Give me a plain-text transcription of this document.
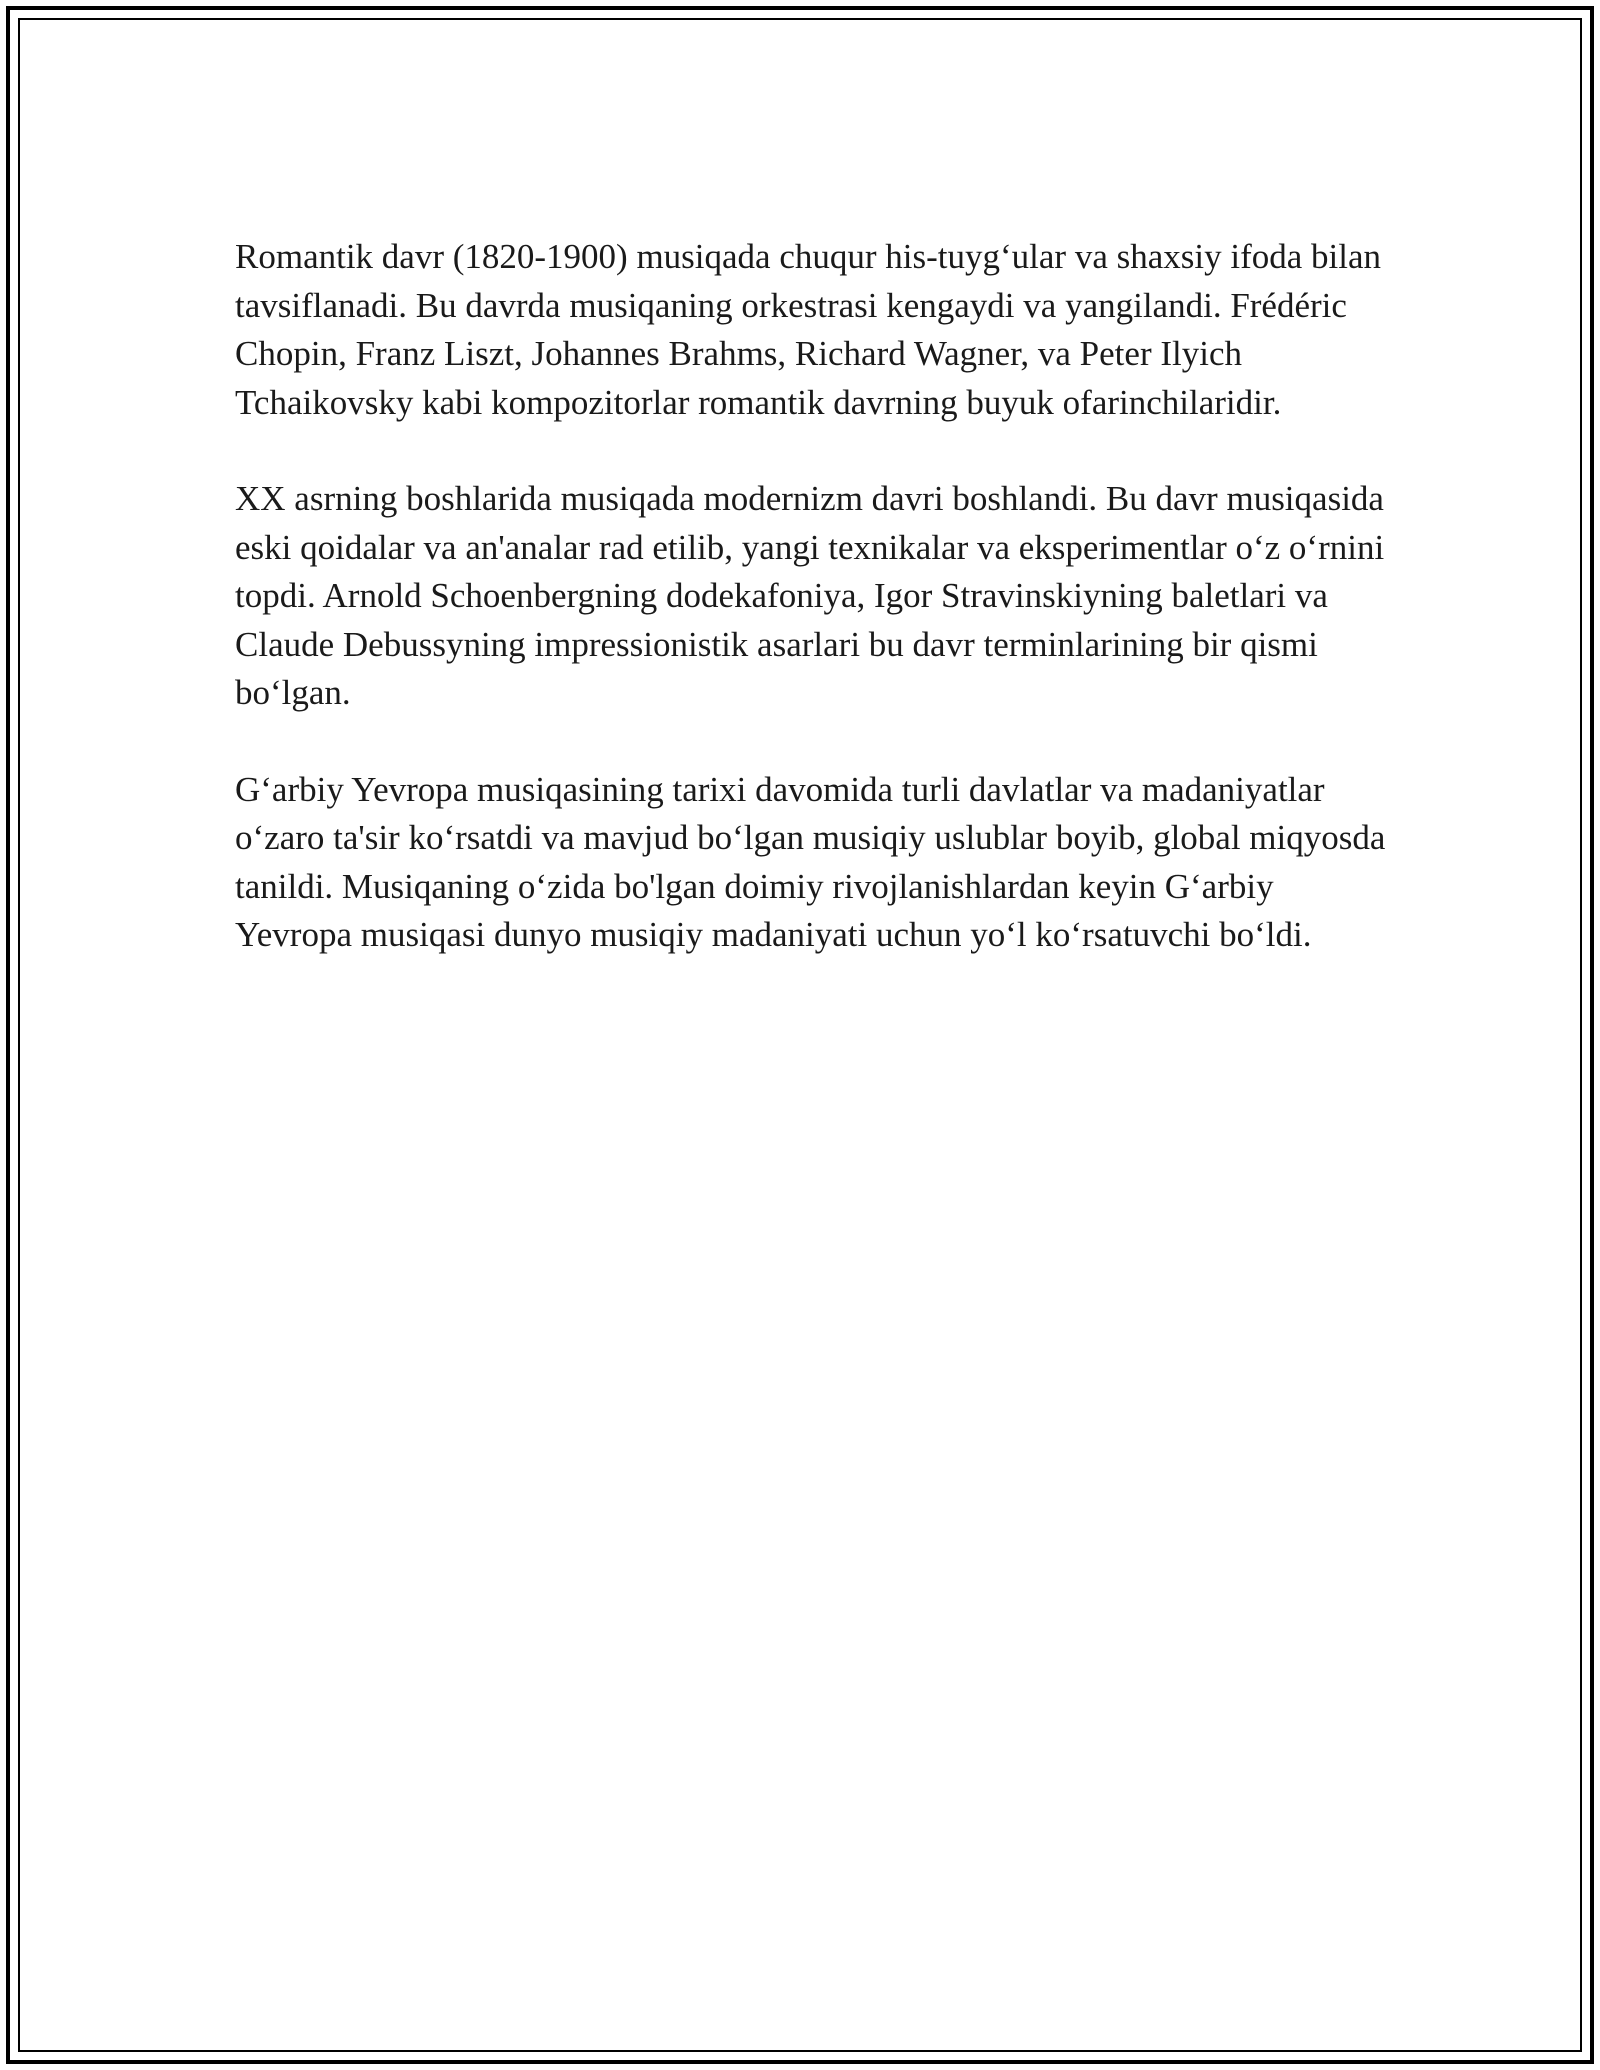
Romantik davr (1820-1900) musiqada chuqur his-tuyg‘ular va shaxsiy ifoda bilan tavsiflanadi. Bu davrda musiqaning orkestrasi kengaydi va yangilandi. Frédéric Chopin, Franz Liszt, Johannes Brahms, Richard Wagner, va Peter Ilyich Tchaikovsky kabi kompozitorlar romantik davrning buyuk ofarinchilaridir.

XX asrning boshlarida musiqada modernizm davri boshlandi. Bu davr musiqasida eski qoidalar va an'analar rad etilib, yangi texnikalar va eksperimentlar o‘z o‘rnini topdi. Arnold Schoenbergning dodekafoniya, Igor Stravinskiyning baletlari va Claude Debussyning impressionistik asarlari bu davr terminlarining bir qismi bo‘lgan.

G‘arbiy Yevropa musiqasining tarixi davomida turli davlatlar va madaniyatlar o‘zaro ta'sir ko‘rsatdi va mavjud bo‘lgan musiqiy uslublar boyib, global miqyosda tanildi. Musiqaning o‘zida bo'lgan doimiy rivojlanishlardan keyin G‘arbiy Yevropa musiqasi dunyo musiqiy madaniyati uchun yo‘l ko‘rsatuvchi bo‘ldi.
